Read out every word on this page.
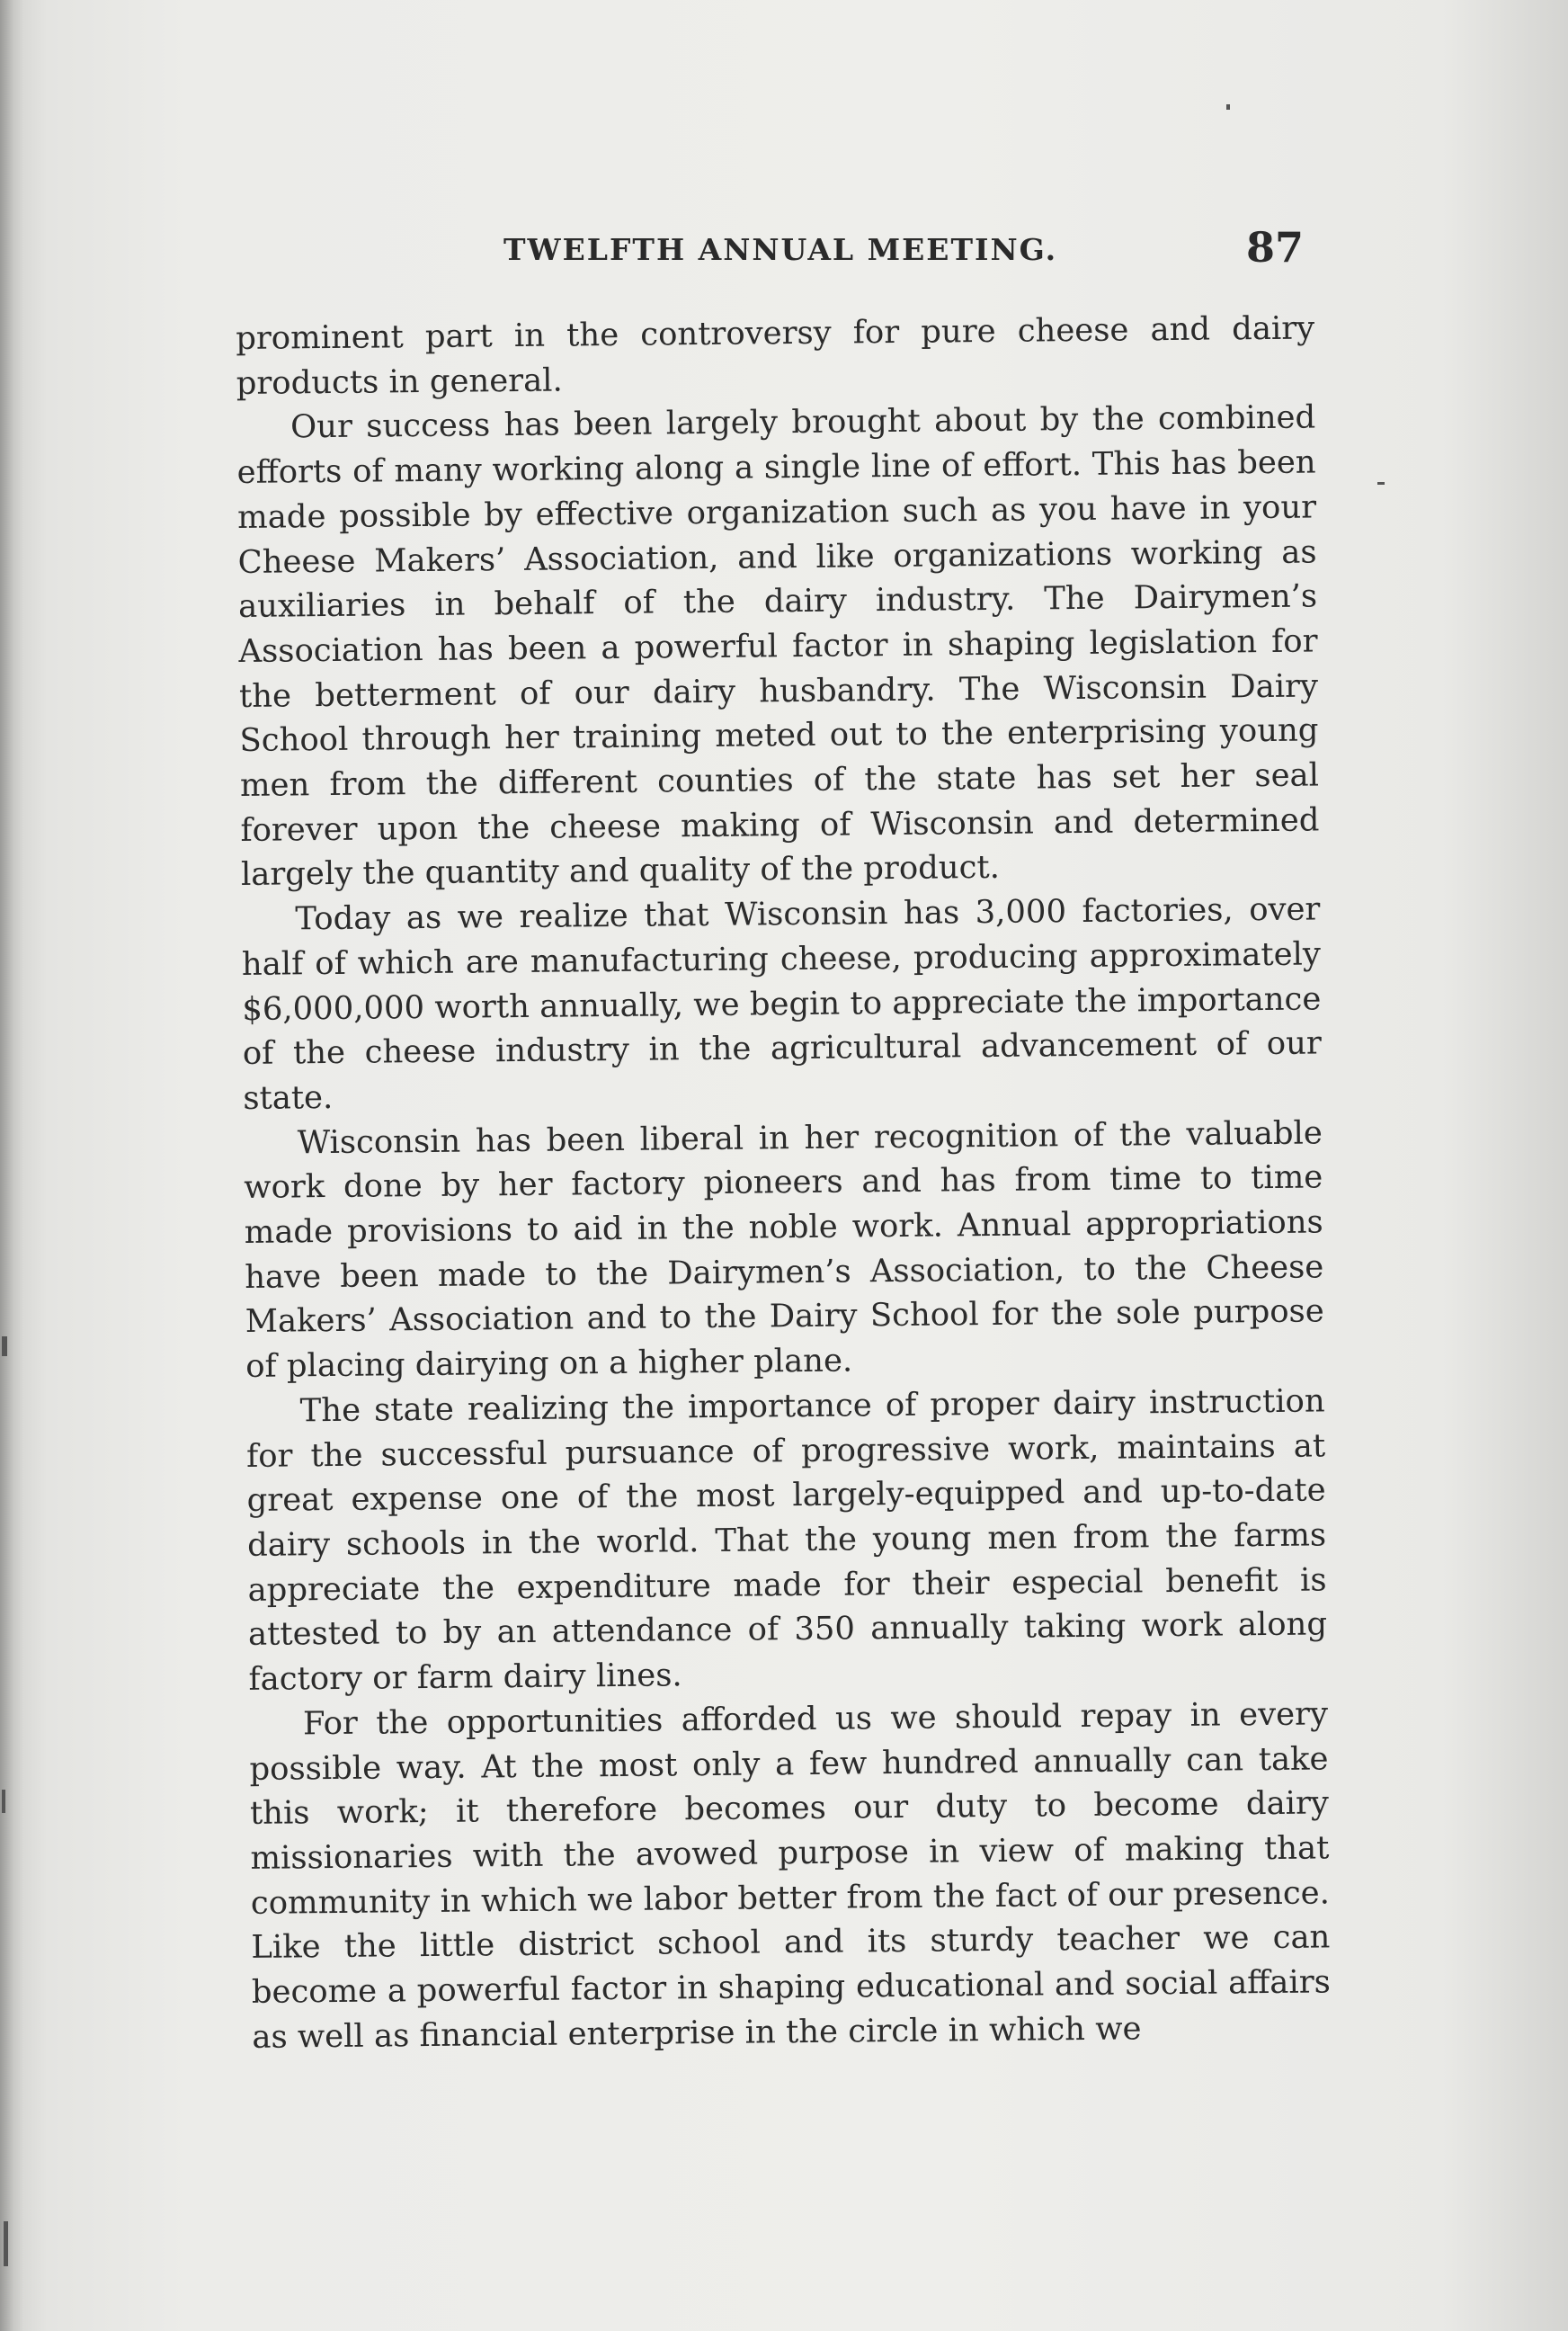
TWELFTH ANNUAL MEETING.	87

prominent part in the controversy for pure cheese and dairy products in general.

Our success has been largely brought about by the combined efforts of many working along a single line of effort. This has been made possible by effective organization such as you have in your Cheese Makers’ Association, and like organizations working as auxiliaries in behalf of the dairy industry. The Dairymen’s Association has been a powerful factor in shaping legislation for the betterment of our dairy husbandry. The Wisconsin Dairy School through her training meted out to the enterprising young men from the different counties of the state has set her seal forever upon the cheese making of Wisconsin and determined largely the quantity and quality of the product.

Today as we realize that Wisconsin has 3,000 factories, over half of which are manufacturing cheese, producing approximately $6,000,000 worth annually, we begin to appreciate the importance of the cheese industry in the agricultural advancement of our state.

Wisconsin has been liberal in her recognition of the valuable work done by her factory pioneers and has from time to time made provisions to aid in the noble work. Annual appropriations have been made to the Dairymen’s Association, to the Cheese Makers’ Association and to the Dairy School for the sole purpose of placing dairying on a higher plane.

The state realizing the importance of proper dairy instruction for the successful pursuance of progressive work, maintains at great expense one of the most largely-equipped and up-to-date dairy schools in the world. That the young men from the farms appreciate the expenditure made for their especial benefit is attested to by an attendance of 350 annually taking work along factory or farm dairy lines.

For the opportunities afforded us we should repay in every possible way. At the most only a few hundred annually can take this work; it therefore becomes our duty to become dairy missionaries with the avowed purpose in view of making that community in which we labor better from the fact of our presence. Like the little district school and its sturdy teacher we can become a powerful factor in shaping educational and social affairs as well as financial enterprise in the circle in which we
